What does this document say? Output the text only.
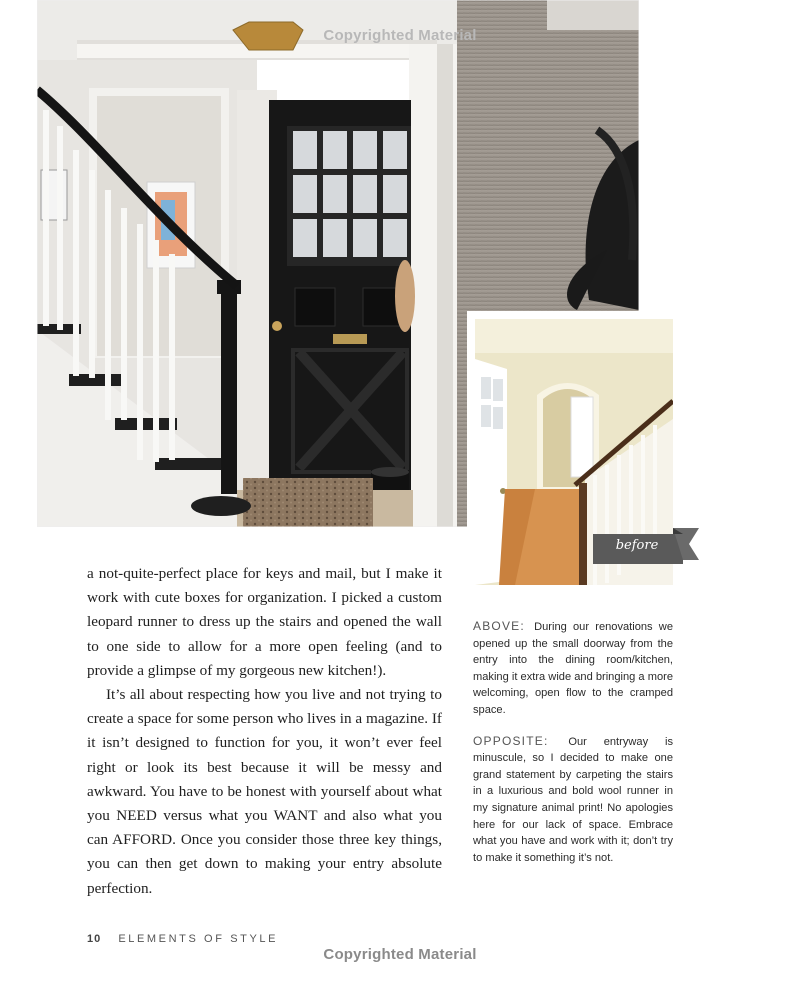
Copyrighted Material
before

a not-quite-perfect place for keys and mail, but I make it work with cute boxes for organization. I picked a custom leopard runner to dress up the stairs and opened the wall to one side to allow for a more open feeling (and to provide a glimpse of my gorgeous new kitchen!).

It’s all about respecting how you live and not trying to create a space for some person who lives in a magazine. If it isn’t designed to function for you, it won’t ever feel right or look its best because it will be messy and awkward. You have to be honest with yourself about what you NEED versus what you WANT and also what you can AFFORD. Once you consider those three key things, you can then get down to making your entry absolute perfection.

ABOVE: During our renovations we opened up the small doorway from the entry into the dining room/kitchen, making it extra wide and bringing a more welcoming, open flow to the cramped space.

OPPOSITE: Our entryway is minuscule, so I decided to make one grand statement by carpeting the stairs in a luxurious and bold wool runner in my signature animal print! No apologies here for our lack of space. Embrace what you have and work with it; don’t try to make it something it’s not.

10 ELEMENTS OF STYLE
Copyrighted Material
